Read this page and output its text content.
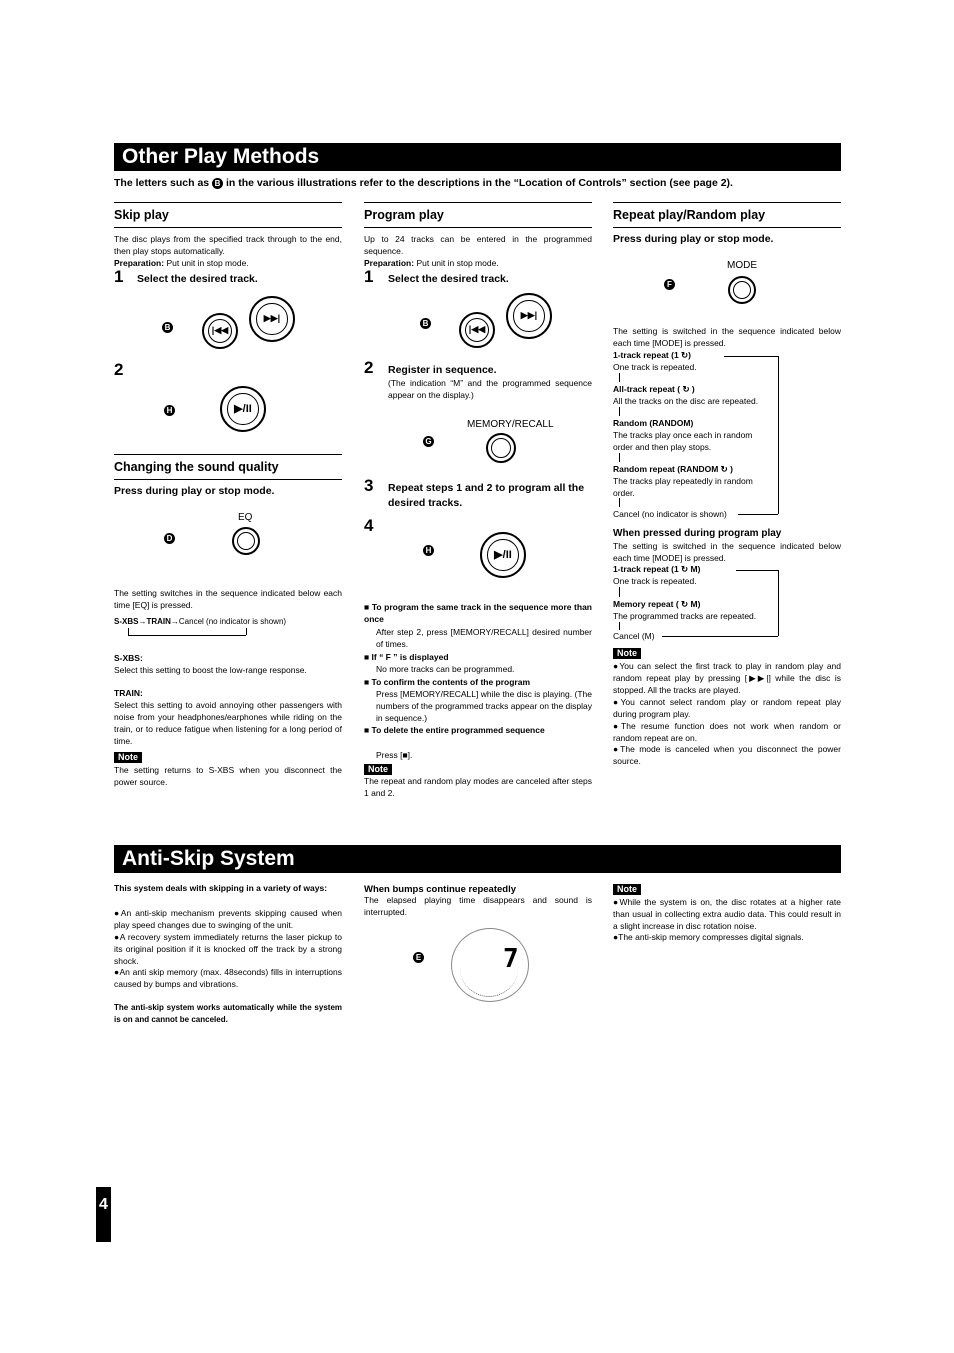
Other Play Methods
The letters such as B in the various illustrations refer to the descriptions in the “Location of Controls” section (see page 2).
Skip play
The disc plays from the specified track through to the end, then play stops automatically.
Preparation: Put unit in stop mode.
1 Select the desired track.
B	|◀◀
▶▶|
2
H	▶/II
Changing the sound quality
Press during play or stop mode.
D
EQ
The setting switches in the sequence indicated below each time [EQ] is pressed.
S-XBS→TRAIN→Cancel (no indicator is shown)
S-XBS:
Select this setting to boost the low-range response.
TRAIN:
Select this setting to avoid annoying other passengers with noise from your headphones/earphones while riding on the train, or to reduce fatigue when listening for a long period of time.
Note
The setting returns to S-XBS when you disconnect the power source.
Program play
Up to 24 tracks can be entered in the programmed sequence.
Preparation: Put unit in stop mode.
1 Select the desired track.
B
|◀◀
▶▶|
2 Register in sequence.
(The indication “M” and the programmed sequence appear on the display.)
MEMORY/RECALL
G
3 Repeat steps 1 and 2 to program all the desired tracks.
4
H	▶/II
■ To program the same track in the sequence more than once
After step 2, press [MEMORY/RECALL] desired number of times.
■ If “ F ” is displayed
No more tracks can be programmed.
■ To confirm the contents of the program
Press [MEMORY/RECALL] while the disc is playing. (The numbers of the programmed tracks appear on the display in sequence.)
■ To delete the entire programmed sequence
Press [■].
Note
The repeat and random play modes are canceled after steps 1 and 2.
Repeat play/Random play
Press during play or stop mode.
MODE
F
The setting is switched in the sequence indicated below each time [MODE] is pressed.
1-track repeat (1 ↻)
One track is repeated.
All-track repeat ( ↻ )
All the tracks on the disc are repeated.
Random (RANDOM)
The tracks play once each in random order and then play stops.
Random repeat (RANDOM ↻ )
The tracks play repeatedly in random order.
Cancel (no indicator is shown)
When pressed during program play
The setting is switched in the sequence indicated below each time [MODE] is pressed.
1-track repeat (1 ↻ M)
One track is repeated.
Memory repeat ( ↻ M)
The programmed tracks are repeated.
Cancel (M)
Note
●You can select the first track to play in random play and random repeat play by pressing [▶▶|] while the disc is stopped. All the tracks are played.
●You cannot select random play or random repeat play during program play.
●The resume function does not work when random or random repeat are on.
●The mode is canceled when you disconnect the power source.
Anti-Skip System
This system deals with skipping in a variety of ways:
●An anti-skip mechanism prevents skipping caused when play speed changes due to swinging of the unit.
●A recovery system immediately returns the laser pickup to its original position if it is knocked off the track by a strong shock.
●An anti skip memory (max. 48seconds) fills in interruptions caused by bumps and vibrations.
The anti-skip system works automatically while the system is on and cannot be canceled.
When bumps continue repeatedly
The elapsed playing time disappears and sound is interrupted.
E	7
Note
●While the system is on, the disc rotates at a higher rate than usual in collecting extra audio data. This could result in a slight increase in disc rotation noise.
●The anti-skip memory compresses digital signals.
4
